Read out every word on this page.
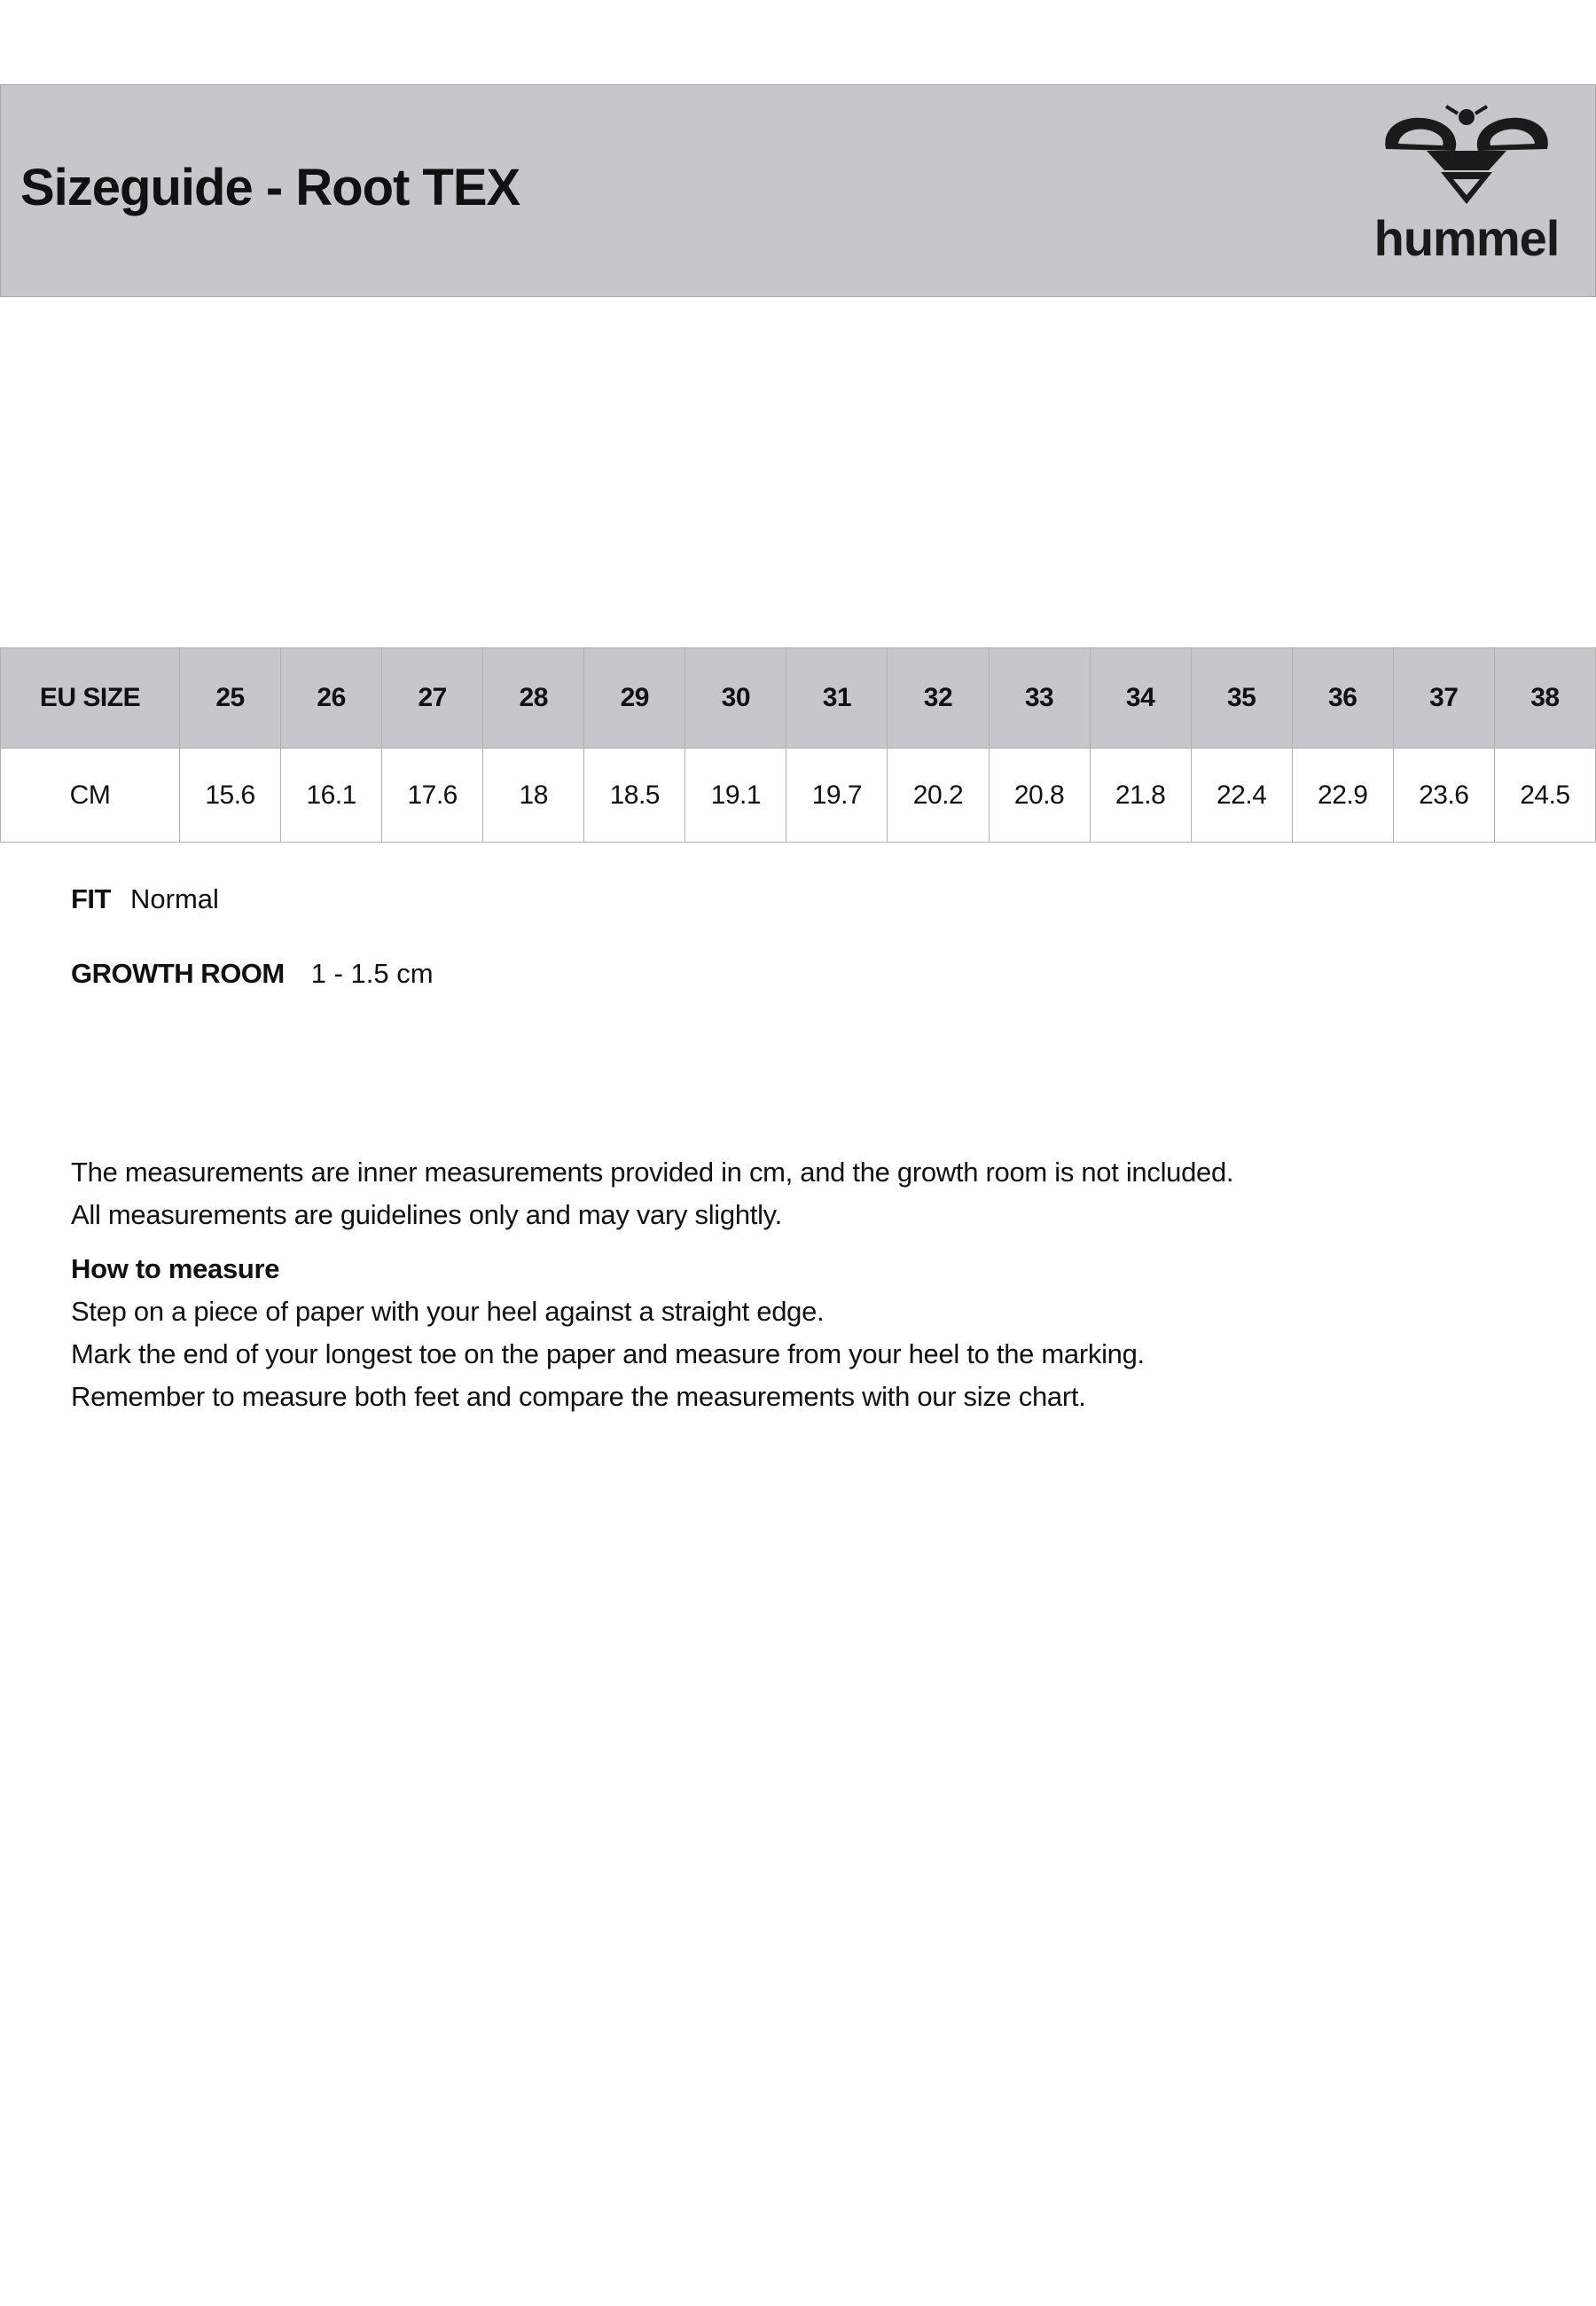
Sizeguide - Root TEX
hummel
EU SIZE	25	26	27	28	29	30	31	32	33	34	35	36	37	38
CM	15.6	16.1	17.6	18	18.5	19.1	19.7	20.2	20.8	21.8	22.4	22.9	23.6	24.5
FIT Normal
GROWTH ROOM 1 - 1.5 cm
The measurements are inner measurements provided in cm, and the growth room is not included.
All measurements are guidelines only and may vary slightly.
How to measure
Step on a piece of paper with your heel against a straight edge.
Mark the end of your longest toe on the paper and measure from your heel to the marking.
Remember to measure both feet and compare the measurements with our size chart.
